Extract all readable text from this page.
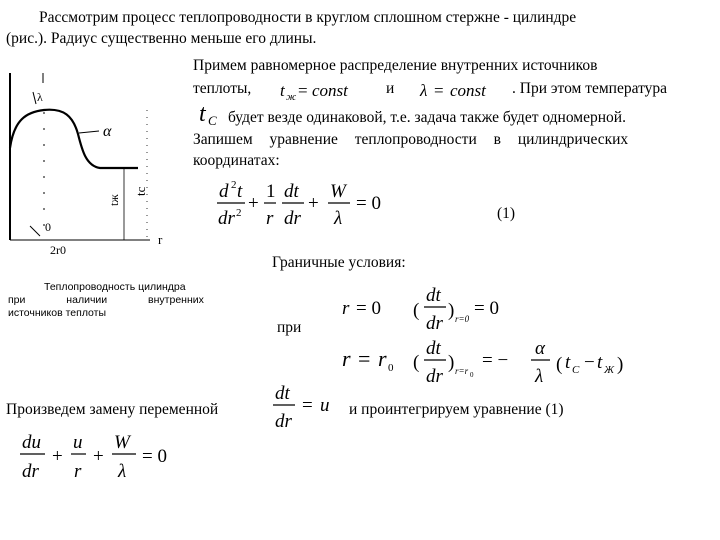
Рассмотрим процесс теплопроводности в круглом сплошном стержне - цилиндре
(рис.). Радиус существенно меньше его длины.
Примем равномерное распределение внутренних источников
теплоты,	и	. При этом температура
будет везде одинаковой, т.е. задача также будет одномерной.
Запишем уравнение теплопроводности в цилиндрических
координатах:
(1)
Граничные условия:
при
Теплопроводность цилиндра
при наличии внутренних
источников теплоты
Произведем замену переменной	и проинтегрируем уравнение (1)
α
λ
tж
tc
0
2r0
r
t ж = const	λ = const
t C
d 2 t
dr 2 +
1
r
dt
dr
+
W
λ
= 0
r = 0 (
dt
dr
) r=0 = 0
r = r 0 (
dt
dr
) r=r 0
= −
α
λ
( t C − t Ж )
dt
dr
= u
du
dr
+
u
r
+
W
λ
= 0
